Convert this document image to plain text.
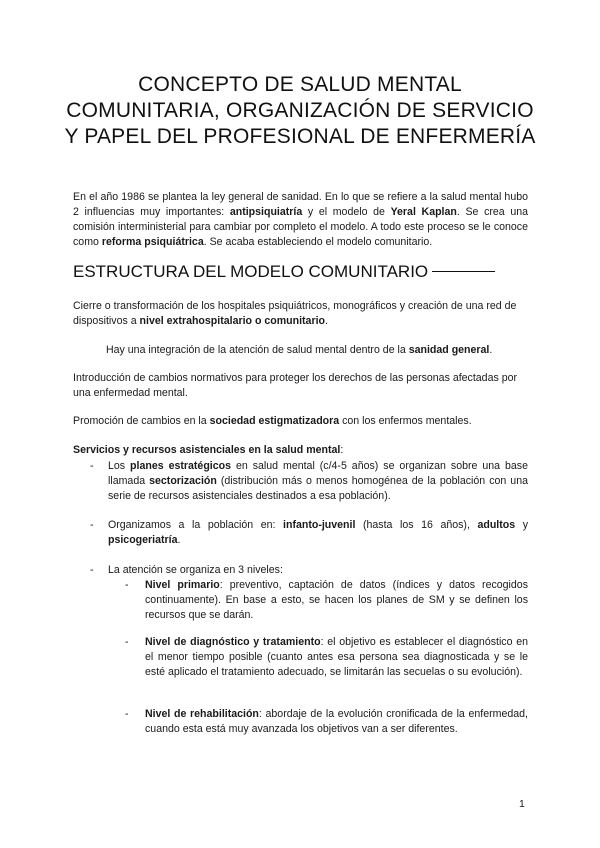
CONCEPTO DE SALUD MENTAL COMUNITARIA, ORGANIZACIÓN DE SERVICIO Y PAPEL DEL PROFESIONAL DE ENFERMERÍA

En el año 1986 se plantea la ley general de sanidad. En lo que se refiere a la salud mental hubo 2 influencias muy importantes: antipsiquiatría y el modelo de Yeral Kaplan. Se crea una comisión interministerial para cambiar por completo el modelo. A todo este proceso se le conoce como reforma psiquiátrica. Se acaba estableciendo el modelo comunitario.

ESTRUCTURA DEL MODELO COMUNITARIO

Cierre o transformación de los hospitales psiquiátricos, monográficos y creación de una red de dispositivos a nivel extrahospitalario o comunitario.

Hay una integración de la atención de salud mental dentro de la sanidad general.

Introducción de cambios normativos para proteger los derechos de las personas afectadas por una enfermedad mental.

Promoción de cambios en la sociedad estigmatizadora con los enfermos mentales.

Servicios y recursos asistenciales en la salud mental:

- Los planes estratégicos en salud mental (c/4-5 años) se organizan sobre una base llamada sectorización (distribución más o menos homogénea de la población con una serie de recursos asistenciales destinados a esa población).
- Organizamos a la población en: infanto-juvenil (hasta los 16 años), adultos y psicogeriatría.
- La atención se organiza en 3 niveles:
- Nivel primario: preventivo, captación de datos (índices y datos recogidos continuamente). En base a esto, se hacen los planes de SM y se definen los recursos que se darán.
- Nivel de diagnóstico y tratamiento: el objetivo es establecer el diagnóstico en el menor tiempo posible (cuanto antes esa persona sea diagnosticada y se le esté aplicado el tratamiento adecuado, se limitarán las secuelas o su evolución).
- Nivel de rehabilitación: abordaje de la evolución cronificada de la enfermedad, cuando esta está muy avanzada los objetivos van a ser diferentes.
1
